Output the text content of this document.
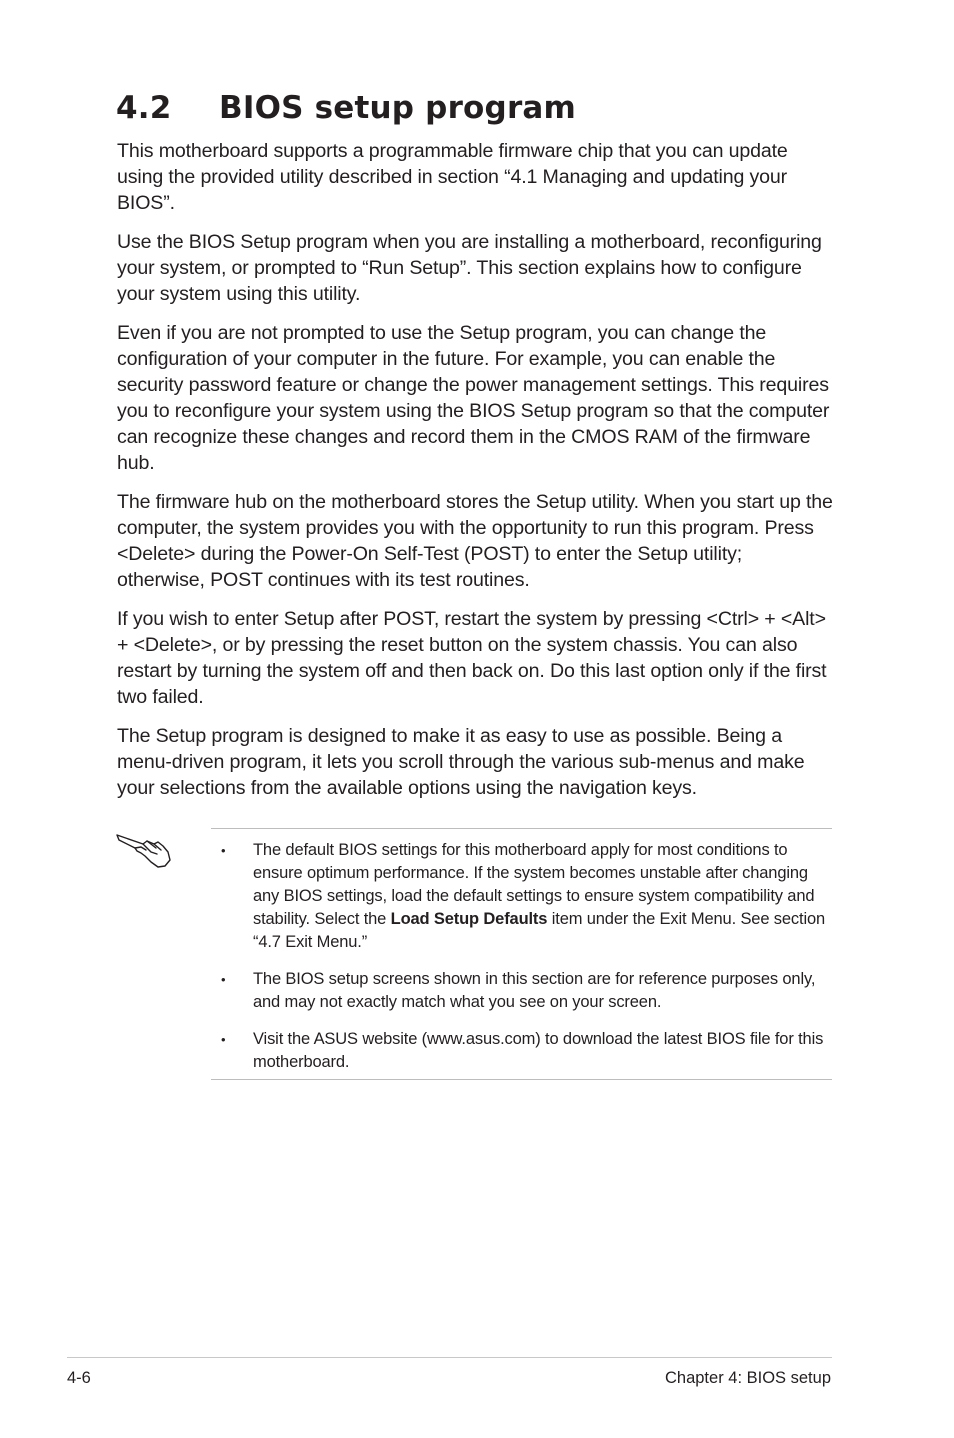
4.2 BIOS setup program

This motherboard supports a programmable firmware chip that you can update using the provided utility described in section “4.1 Managing and updating your BIOS”.

Use the BIOS Setup program when you are installing a motherboard, reconfiguring your system, or prompted to “Run Setup”. This section explains how to configure your system using this utility.

Even if you are not prompted to use the Setup program, you can change the configuration of your computer in the future. For example, you can enable the security password feature or change the power management settings. This requires you to reconfigure your system using the BIOS Setup program so that the computer can recognize these changes and record them in the CMOS RAM of the firmware hub.

The firmware hub on the motherboard stores the Setup utility. When you start up the computer, the system provides you with the opportunity to run this program. Press <Delete> during the Power-On Self-Test (POST) to enter the Setup utility; otherwise, POST continues with its test routines.

If you wish to enter Setup after POST, restart the system by pressing <Ctrl> + <Alt> + <Delete>, or by pressing the reset button on the system chassis. You can also restart by turning the system off and then back on. Do this last option only if the first two failed.

The Setup program is designed to make it as easy to use as possible. Being a menu-driven program, it lets you scroll through the various sub-menus and make your selections from the available options using the navigation keys.

• The default BIOS settings for this motherboard apply for most conditions to ensure optimum performance. If the system becomes unstable after changing any BIOS settings, load the default settings to ensure system compatibility and stability. Select the Load Setup Defaults item under the Exit Menu. See section “4.7 Exit Menu.”
• The BIOS setup screens shown in this section are for reference purposes only, and may not exactly match what you see on your screen.
• Visit the ASUS website (www.asus.com) to download the latest BIOS file for this motherboard.
4-6	Chapter 4: BIOS setup
